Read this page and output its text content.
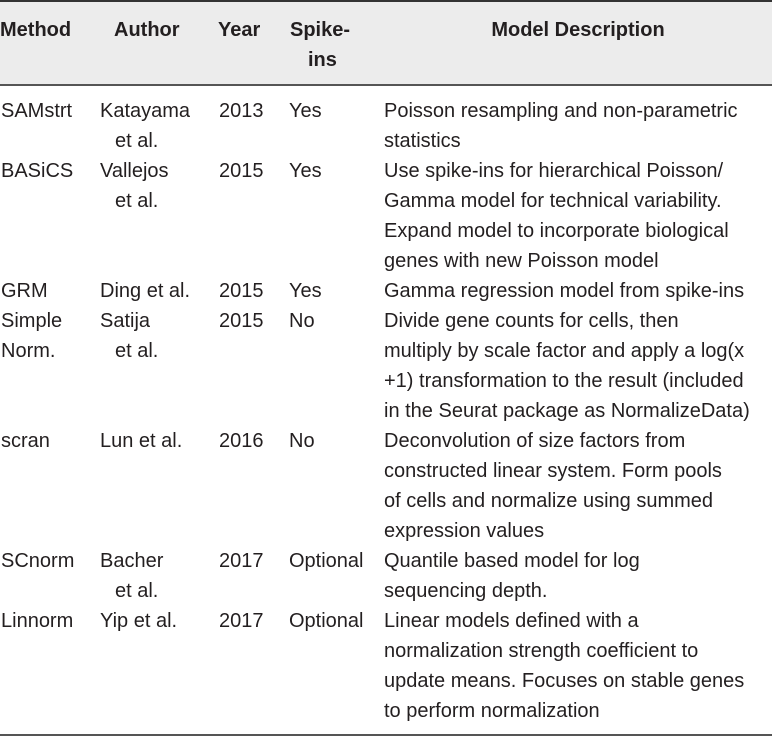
Method	Author	Year	Spike-
ins	Model Description

SAMstrt	Katayama
et al.	2013	Yes	Poisson resampling and non-parametric
statistics

BASiCS	Vallejos
et al.	2015	Yes	Use spike-ins for hierarchical Poisson/
Gamma model for technical variability.
Expand model to incorporate biological
genes with new Poisson model

GRM	Ding et al.	2015	Yes	Gamma regression model from spike-ins

Simple
Norm.	Satija
et al.	2015	No	Divide gene counts for cells, then
multiply by scale factor and apply a log(x
+1) transformation to the result (included
in the Seurat package as NormalizeData)

scran	Lun et al.	2016	No	Deconvolution of size factors from
constructed linear system. Form pools
of cells and normalize using summed
expression values

SCnorm	Bacher
et al.	2017	Optional	Quantile based model for log
sequencing depth.

Linnorm	Yip et al.	2017	Optional	Linear models defined with a
normalization strength coefficient to
update means. Focuses on stable genes
to perform normalization
